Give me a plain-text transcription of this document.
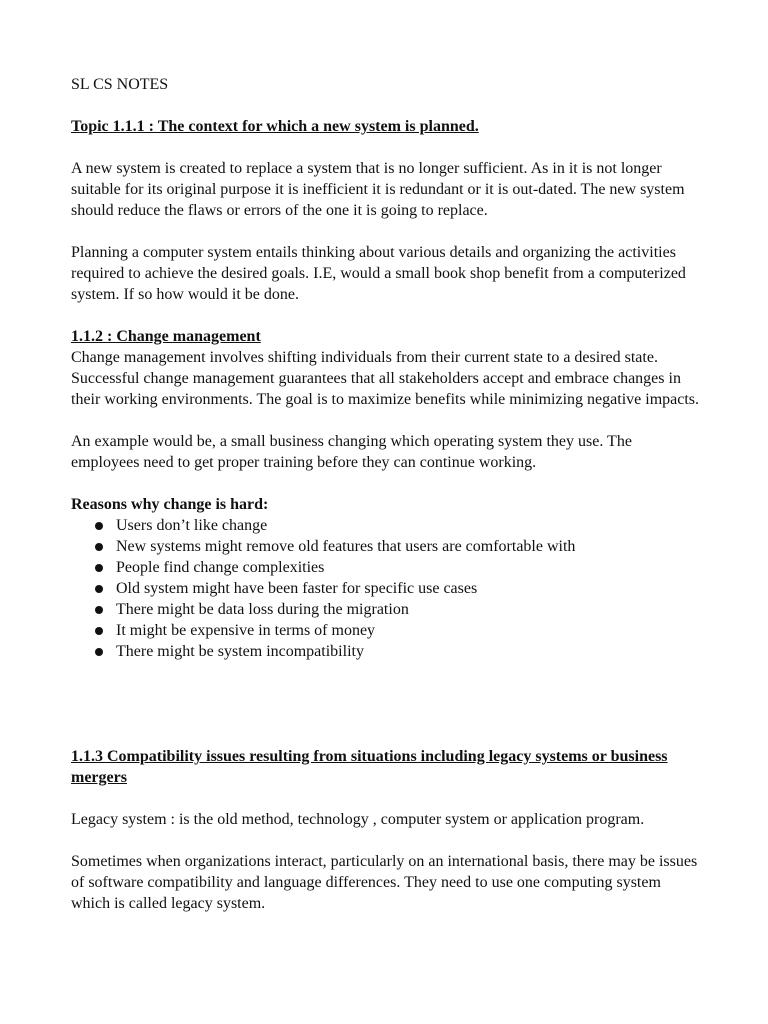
SL CS NOTES

Topic 1.1.1 : The context for which a new system is planned.

A new system is created to replace a system that is no longer sufficient. As in it is not longer suitable for its original purpose it is inefficient it is redundant or it is out-dated. The new system should reduce the flaws or errors of the one it is going to replace.

Planning a computer system entails thinking about various details and organizing the activities required to achieve the desired goals. I.E, would a small book shop benefit from a computerized system. If so how would it be done.

1.1.2 : Change management

Change management involves shifting individuals from their current state to a desired state. Successful change management guarantees that all stakeholders accept and embrace changes in their working environments. The goal is to maximize benefits while minimizing negative impacts.

An example would be, a small business changing which operating system they use. The employees need to get proper training before they can continue working.

Reasons why change is hard:

Users don’t like change
New systems might remove old features that users are comfortable with
People find change complexities
Old system might have been faster for specific use cases
There might be data loss during the migration
It might be expensive in terms of money
There might be system incompatibility

1.1.3 Compatibility issues resulting from situations including legacy systems or business mergers

Legacy system : is the old method, technology , computer system or application program.

Sometimes when organizations interact, particularly on an international basis, there may be issues of software compatibility and language differences. They need to use one computing system which is called legacy system.
